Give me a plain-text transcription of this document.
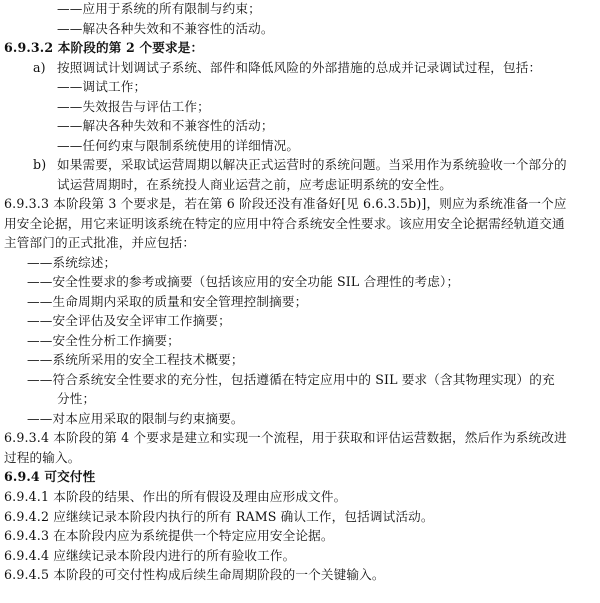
——应用于系统的所有限制与约束；
——解决各种失效和不兼容性的活动。
6.9.3.2 本阶段的第 2 个要求是：
a) 按照调试计划调试子系统、部件和降低风险的外部措施的总成并记录调试过程，包括：
——调试工作；
——失效报告与评估工作；
——解决各种失效和不兼容性的活动；
——任何约束与限制系统使用的详细情况。
b) 如果需要，采取试运营周期以解决正式运营时的系统问题。当采用作为系统验收一个部分的
试运营周期时，在系统投人商业运营之前，应考虑证明系统的安全性。
6.9.3.3 本阶段第 3 个要求是，若在第 6 阶段还没有准备好[见 6.6.3.5b)]，则应为系统准备一个应
用安全论据，用它来证明该系统在特定的应用中符合系统安全性要求。该应用安全论据需经轨道交通
主管部门的正式批准，并应包括：
——系统综述；
——安全性要求的参考或摘要（包括该应用的安全功能 SIL 合理性的考虑）；
——生命周期内采取的质量和安全管理控制摘要；
——安全评估及安全评审工作摘要；
——安全性分析工作摘要；
——系统所采用的安全工程技术概要；
——符合系统安全性要求的充分性，包括遵循在特定应用中的 SIL 要求（含其物理实现）的充
分性；
——对本应用采取的限制与约束摘要。
6.9.3.4 本阶段的第 4 个要求是建立和实现一个流程，用于获取和评估运营数据，然后作为系统改进
过程的输入。
6.9.4 可交付性
6.9.4.1 本阶段的结果、作出的所有假设及理由应形成文件。
6.9.4.2 应继续记录本阶段内执行的所有 RAMS 确认工作，包括调试活动。
6.9.4.3 在本阶段内应为系统提供一个特定应用安全论据。
6.9.4.4 应继续记录本阶段内进行的所有验收工作。
6.9.4.5 本阶段的可交付性构成后续生命周期阶段的一个关键输入。
